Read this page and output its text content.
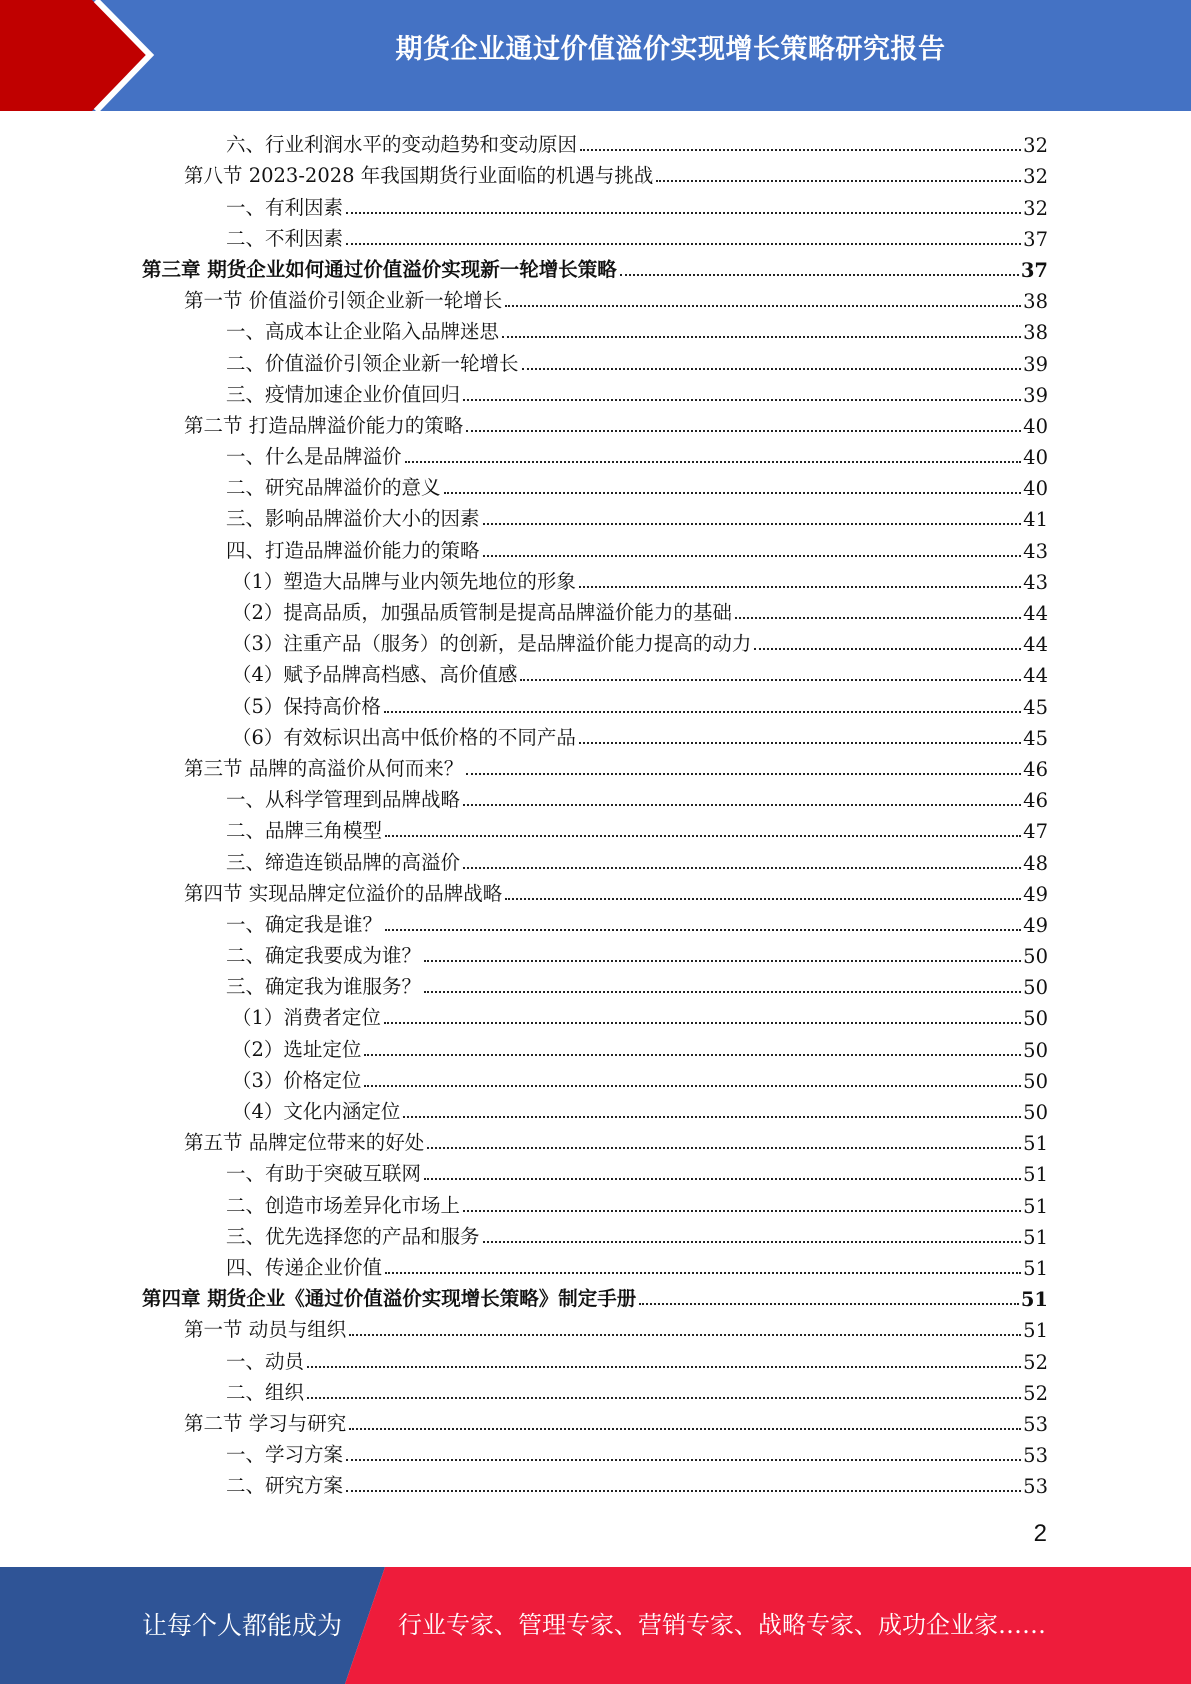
期货企业通过价值溢价实现增长策略研究报告
六、行业利润水平的变动趋势和变动原因	32
第八节 2023-2028 年我国期货行业面临的机遇与挑战	32
一、有利因素	32
二、不利因素	37
第三章 期货企业如何通过价值溢价实现新一轮增长策略	37
第一节 价值溢价引领企业新一轮增长	38
一、高成本让企业陷入品牌迷思	38
二、价值溢价引领企业新一轮增长	39
三、疫情加速企业价值回归	39
第二节 打造品牌溢价能力的策略	40
一、什么是品牌溢价	40
二、研究品牌溢价的意义	40
三、影响品牌溢价大小的因素	41
四、打造品牌溢价能力的策略	43
（1）塑造大品牌与业内领先地位的形象	43
（2）提高品质，加强品质管制是提高品牌溢价能力的基础	44
（3）注重产品（服务）的创新，是品牌溢价能力提高的动力	44
（4）赋予品牌高档感、高价值感	44
（5）保持高价格	45
（6）有效标识出高中低价格的不同产品	45
第三节 品牌的高溢价从何而来？	46
一、从科学管理到品牌战略	46
二、品牌三角模型	47
三、缔造连锁品牌的高溢价	48
第四节 实现品牌定位溢价的品牌战略	49
一、确定我是谁？	49
二、确定我要成为谁？	50
三、确定我为谁服务？	50
（1）消费者定位	50
（2）选址定位	50
（3）价格定位	50
（4）文化内涵定位	50
第五节 品牌定位带来的好处	51
一、有助于突破互联网	51
二、创造市场差异化市场上	51
三、优先选择您的产品和服务	51
四、传递企业价值	51
第四章 期货企业《通过价值溢价实现增长策略》制定手册	51
第一节 动员与组织	51
一、动员	52
二、组织	52
第二节 学习与研究	53
一、学习方案	53
二、研究方案	53
2
让每个人都能成为 行业专家、管理专家、营销专家、战略专家、成功企业家……
